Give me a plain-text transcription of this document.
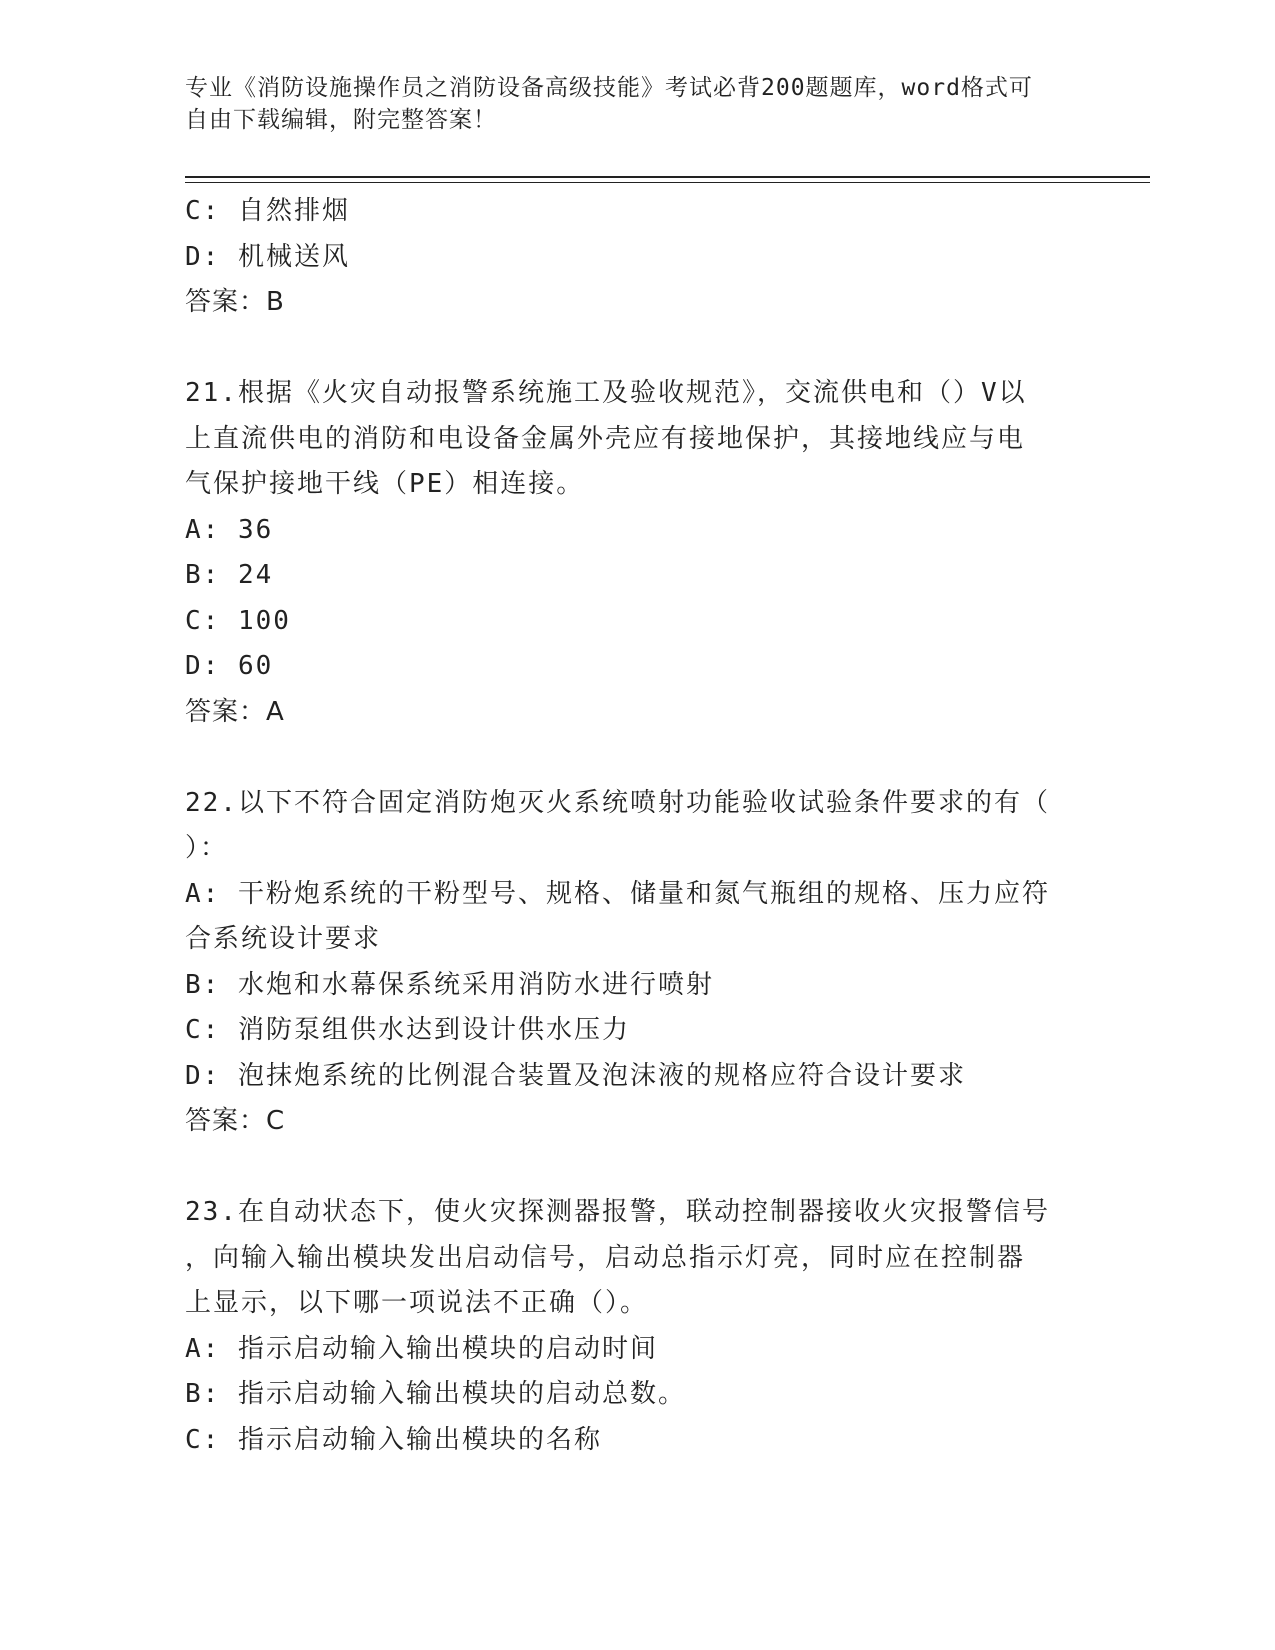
专业《消防设施操作员之消防设备高级技能》考试必背200题题库，word格式可
自由下载编辑，附完整答案！
C: 自然排烟
D: 机械送风
答案：B
21.根据《火灾自动报警系统施工及验收规范》，交流供电和（）V以
上直流供电的消防和电设备金属外壳应有接地保护，其接地线应与电
气保护接地干线（PE）相连接。
A: 36
B: 24
C: 100
D: 60
答案：A
22.以下不符合固定消防炮灭火系统喷射功能验收试验条件要求的有（
）：
A: 干粉炮系统的干粉型号、规格、储量和氮气瓶组的规格、压力应符
合系统设计要求
B: 水炮和水幕保系统采用消防水进行喷射
C: 消防泵组供水达到设计供水压力
D: 泡抹炮系统的比例混合装置及泡沫液的规格应符合设计要求
答案：C
23.在自动状态下，使火灾探测器报警，联动控制器接收火灾报警信号
，向输入输出模块发出启动信号，启动总指示灯亮，同时应在控制器
上显示，以下哪一项说法不正确（）。
A: 指示启动输入输出模块的启动时间
B: 指示启动输入输出模块的启动总数。
C: 指示启动输入输出模块的名称
